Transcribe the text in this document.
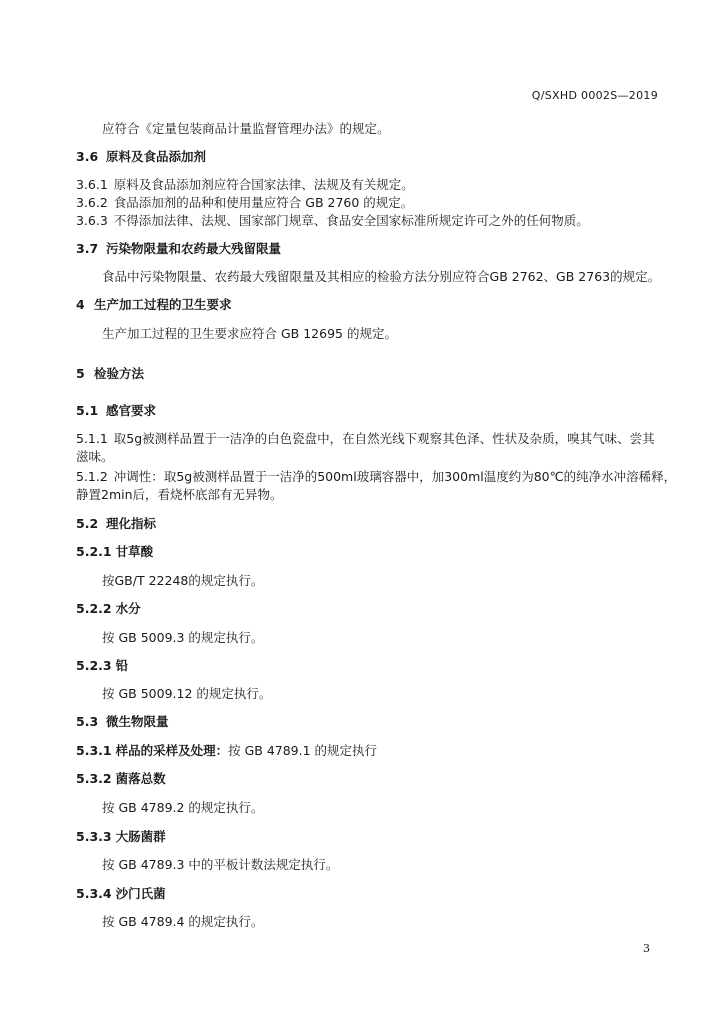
Q/SXHD 0002S—2019
应符合《定量包装商品计量监督管理办法》的规定。
3.6 原料及食品添加剂
3.6.1 原料及食品添加剂应符合国家法律、法规及有关规定。
3.6.2 食品添加剂的品种和使用量应符合 GB 2760 的规定。
3.6.3 不得添加法律、法规、国家部门规章、食品安全国家标准所规定许可之外的任何物质。
3.7 污染物限量和农药最大残留限量
食品中污染物限量、农药最大残留限量及其相应的检验方法分别应符合GB 2762、GB 2763的规定。
4 生产加工过程的卫生要求
生产加工过程的卫生要求应符合 GB 12695 的规定。
5 检验方法
5.1 感官要求
5.1.1 取5g被测样品置于一洁净的白色瓷盘中，在自然光线下观察其色泽、性状及杂质，嗅其气味、尝其
滋味。
5.1.2 冲调性：取5g被测样品置于一洁净的500ml玻璃容器中，加300ml温度约为80℃的纯净水冲溶稀释，
静置2min后，看烧杯底部有无异物。
5.2 理化指标
5.2.1 甘草酸
按GB/T 22248的规定执行。
5.2.2 水分
按 GB 5009.3 的规定执行。
5.2.3 铅
按 GB 5009.12 的规定执行。
5.3 微生物限量
5.3.1 样品的采样及处理：按 GB 4789.1 的规定执行
5.3.2 菌落总数
按 GB 4789.2 的规定执行。
5.3.3 大肠菌群
按 GB 4789.3 中的平板计数法规定执行。
5.3.4 沙门氏菌
按 GB 4789.4 的规定执行。
3
